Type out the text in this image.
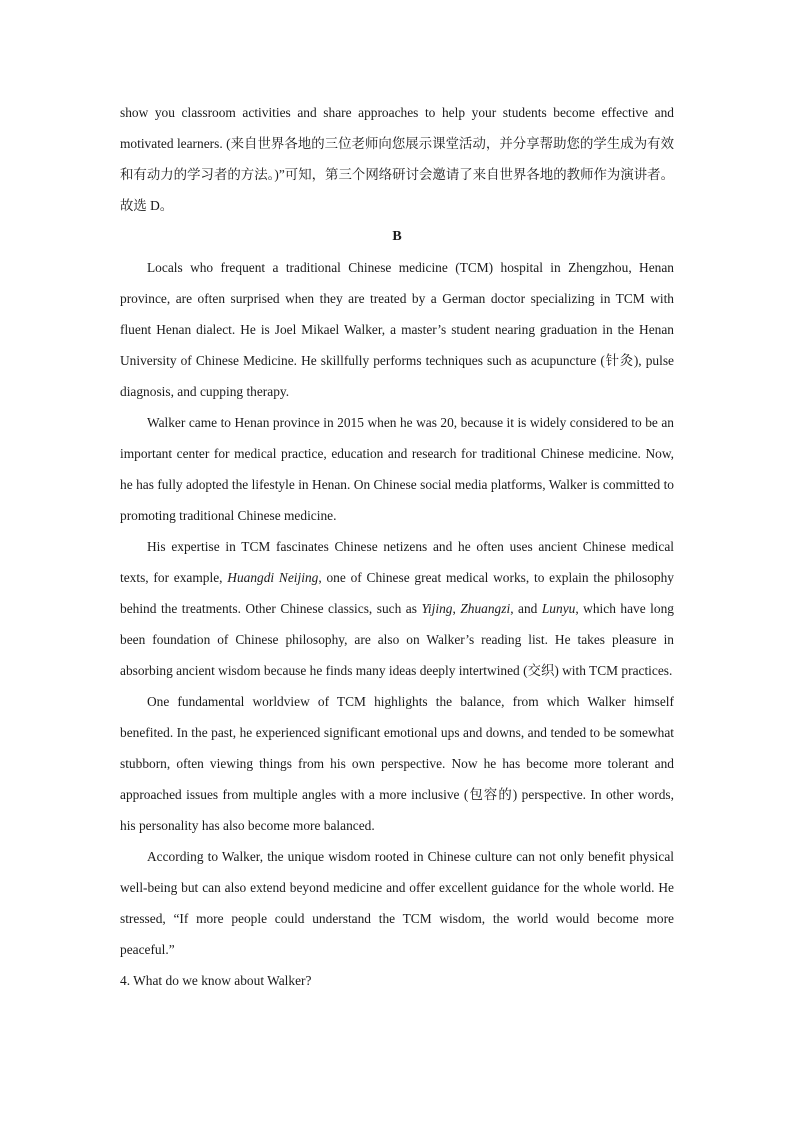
show you classroom activities and share approaches to help your students become effective and motivated learners. (来自世界各地的三位老师向您展示课堂活动，并分享帮助您的学生成为有效和有动力的学习者的方法。)”可知，第三个网络研讨会邀请了来自世界各地的教师作为演讲者。故选 D。

B

Locals who frequent a traditional Chinese medicine (TCM) hospital in Zhengzhou, Henan province, are often surprised when they are treated by a German doctor specializing in TCM with fluent Henan dialect. He is Joel Mikael Walker, a master’s student nearing graduation in the Henan University of Chinese Medicine. He skillfully performs techniques such as acupuncture (针灸), pulse diagnosis, and cupping therapy.

Walker came to Henan province in 2015 when he was 20, because it is widely considered to be an important center for medical practice, education and research for traditional Chinese medicine. Now, he has fully adopted the lifestyle in Henan. On Chinese social media platforms, Walker is committed to promoting traditional Chinese medicine.

His expertise in TCM fascinates Chinese netizens and he often uses ancient Chinese medical texts, for example, Huangdi Neijing, one of Chinese great medical works, to explain the philosophy behind the treatments. Other Chinese classics, such as Yijing, Zhuangzi, and Lunyu, which have long been foundation of Chinese philosophy, are also on Walker’s reading list. He takes pleasure in absorbing ancient wisdom because he finds many ideas deeply intertwined (交织) with TCM practices.

One fundamental worldview of TCM highlights the balance, from which Walker himself benefited. In the past, he experienced significant emotional ups and downs, and tended to be somewhat stubborn, often viewing things from his own perspective. Now he has become more tolerant and approached issues from multiple angles with a more inclusive (包容的) perspective. In other words, his personality has also become more balanced.

According to Walker, the unique wisdom rooted in Chinese culture can not only benefit physical well-being but can also extend beyond medicine and offer excellent guidance for the whole world. He stressed, “If more people could understand the TCM wisdom, the world would become more peaceful.”

4. What do we know about Walker?
